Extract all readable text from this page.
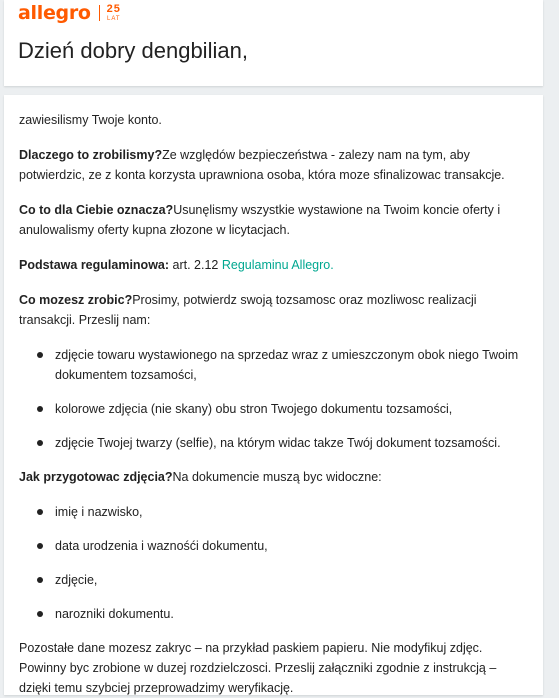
allegro 25
LAT
Dzień dobry dengbilian,

zawiesilismy Twoje konto.

Dlaczego to zrobilismy?Ze względów bezpieczeństwa - zalezy nam na tym, aby potwierdzic, ze z konta korzysta uprawniona osoba, która moze sfinalizowac transakcje.

Co to dla Ciebie oznacza?Usunęlismy wszystkie wystawione na Twoim koncie oferty i anulowalismy oferty kupna złozone w licytacjach.

Podstawa regulaminowa: art. 2.12 Regulaminu Allegro.

Co mozesz zrobic?Prosimy, potwierdz swoją tozsamosc oraz mozliwosc realizacji transakcji. Przeslij nam:

zdjęcie towaru wystawionego na sprzedaz wraz z umieszczonym obok niego Twoim dokumentem tozsamości,
kolorowe zdjęcia (nie skany) obu stron Twojego dokumentu tozsamości,
zdjęcie Twojej twarzy (selfie), na którym widac takze Twój dokument tozsamości.

Jak przygotowac zdjęcia?Na dokumencie muszą byc widoczne:

imię i nazwisko,
data urodzenia i waznośći dokumentu,
zdjęcie,
narozniki dokumentu.

Pozostałe dane mozesz zakryc – na przykład paskiem papieru. Nie modyfikuj zdjęc. Powinny byc zrobione w duzej rozdzielczosci. Przeslij załączniki zgodnie z instrukcją – dzięki temu szybciej przeprowadzimy weryfikację.
